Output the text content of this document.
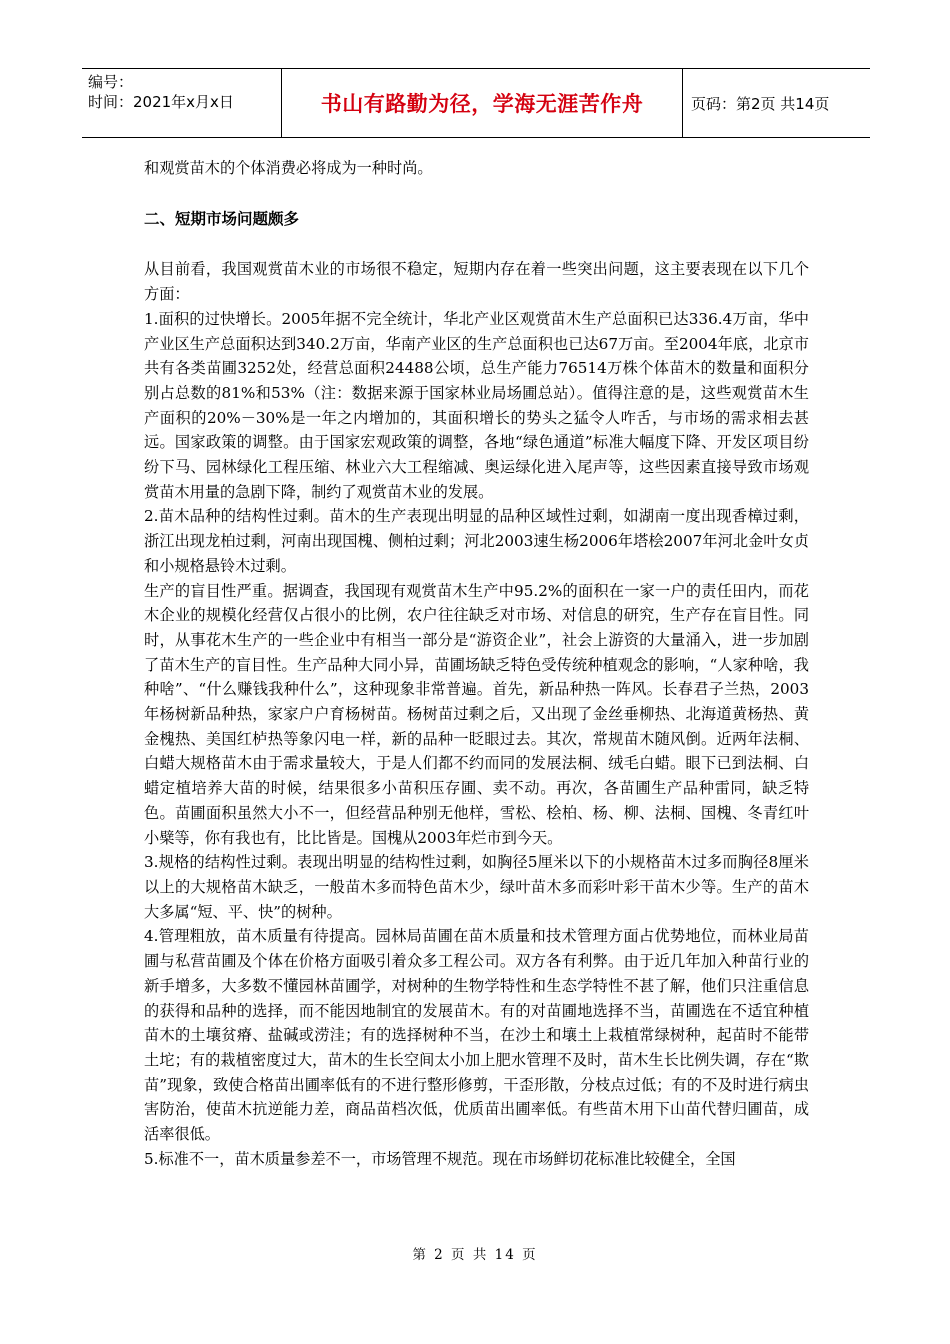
编号：
时间：2021年x月x日	书山有路勤为径，学海无涯苦作舟	页码：第2页 共14页

和观赏苗木的个体消费必将成为一种时尚。

二、短期市场问题颇多

从目前看，我国观赏苗木业的市场很不稳定，短期内存在着一些突出问题，这主要表现在以下几个方面：

1.面积的过快增长。2005年据不完全统计，华北产业区观赏苗木生产总面积已达336.4万亩，华中产业区生产总面积达到340.2万亩，华南产业区的生产总面积也已达67万亩。至2004年底，北京市共有各类苗圃3252处，经营总面积24488公顷，总生产能力76514万株个体苗木的数量和面积分别占总数的81%和53%（注：数据来源于国家林业局场圃总站）。值得注意的是，这些观赏苗木生产面积的20%－30%是一年之内增加的，其面积增长的势头之猛令人咋舌，与市场的需求相去甚远。国家政策的调整。由于国家宏观政策的调整，各地“绿色通道”标准大幅度下降、开发区项目纷纷下马、园林绿化工程压缩、林业六大工程缩减、奥运绿化进入尾声等，这些因素直接导致市场观赏苗木用量的急剧下降，制约了观赏苗木业的发展。

2.苗木品种的结构性过剩。苗木的生产表现出明显的品种区域性过剩，如湖南一度出现香樟过剩，浙江出现龙柏过剩，河南出现国槐、侧柏过剩；河北2003速生杨2006年塔桧2007年河北金叶女贞和小规格悬铃木过剩。

生产的盲目性严重。据调查，我国现有观赏苗木生产中95.2%的面积在一家一户的责任田内，而花木企业的规模化经营仅占很小的比例，农户往往缺乏对市场、对信息的研究，生产存在盲目性。同时，从事花木生产的一些企业中有相当一部分是“游资企业”，社会上游资的大量涌入，进一步加剧了苗木生产的盲目性。生产品种大同小异，苗圃场缺乏特色受传统种植观念的影响，“人家种啥，我种啥”、“什么赚钱我种什么”，这种现象非常普遍。首先，新品种热一阵风。长春君子兰热，2003年杨树新品种热，家家户户育杨树苗。杨树苗过剩之后，又出现了金丝垂柳热、北海道黄杨热、黄金槐热、美国红栌热等象闪电一样，新的品种一眨眼过去。其次，常规苗木随风倒。近两年法桐、白蜡大规格苗木由于需求量较大，于是人们都不约而同的发展法桐、绒毛白蜡。眼下已到法桐、白蜡定植培养大苗的时候，结果很多小苗积压存圃、卖不动。再次，各苗圃生产品种雷同，缺乏特色。苗圃面积虽然大小不一，但经营品种别无他样，雪松、桧柏、杨、柳、法桐、国槐、冬青红叶小檗等，你有我也有，比比皆是。国槐从2003年烂市到今天。

3.规格的结构性过剩。表现出明显的结构性过剩，如胸径5厘米以下的小规格苗木过多而胸径8厘米以上的大规格苗木缺乏，一般苗木多而特色苗木少，绿叶苗木多而彩叶彩干苗木少等。生产的苗木大多属“短、平、快”的树种。

4.管理粗放，苗木质量有待提高。园林局苗圃在苗木质量和技术管理方面占优势地位，而林业局苗圃与私营苗圃及个体在价格方面吸引着众多工程公司。双方各有利弊。由于近几年加入种苗行业的新手增多，大多数不懂园林苗圃学，对树种的生物学特性和生态学特性不甚了解，他们只注重信息的获得和品种的选择，而不能因地制宜的发展苗木。有的对苗圃地选择不当，苗圃选在不适宜种植苗木的土壤贫瘠、盐碱或涝洼；有的选择树种不当，在沙土和壤土上栽植常绿树种，起苗时不能带土坨；有的栽植密度过大，苗木的生长空间太小加上肥水管理不及时，苗木生长比例失调，存在“欺苗”现象，致使合格苗出圃率低有的不进行整形修剪，干歪形散，分枝点过低；有的不及时进行病虫害防治，使苗木抗逆能力差，商品苗档次低，优质苗出圃率低。有些苗木用下山苗代替归圃苗，成活率很低。

5.标准不一，苗木质量参差不一，市场管理不规范。现在市场鲜切花标准比较健全，全国

第 2 页 共 14 页
